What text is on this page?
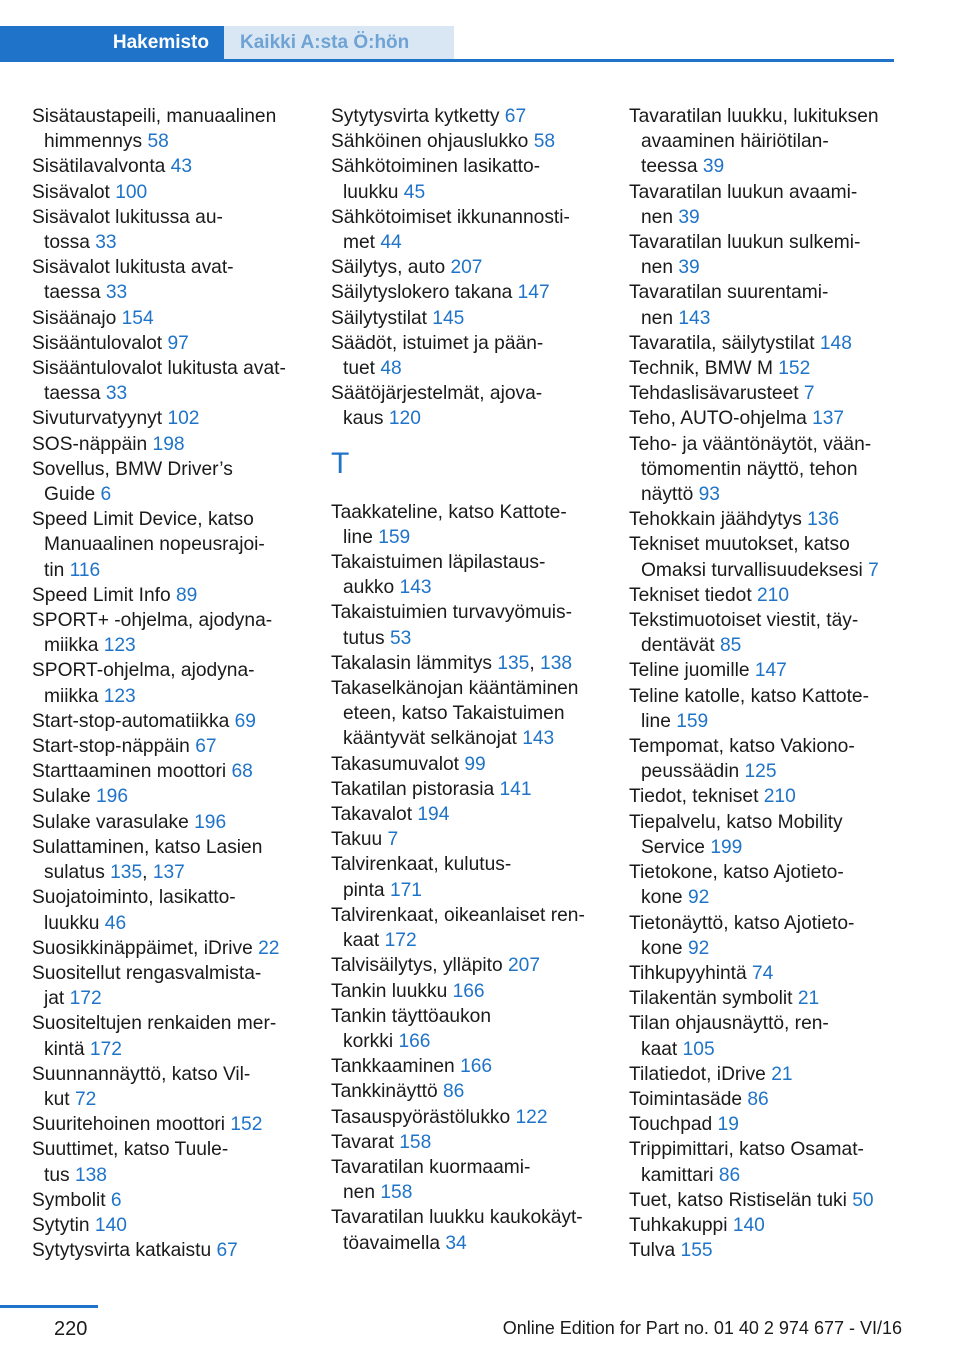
Hakemisto	Kaikki A:sta Ö:hön
Sisätaustapeili, manuaalinen
himmennys 58
Sisätilavalvonta 43
Sisävalot 100
Sisävalot lukitussa au-
tossa 33
Sisävalot lukitusta avat-
taessa 33
Sisäänajo 154
Sisääntulovalot 97
Sisääntulovalot lukitusta avat-
taessa 33
Sivuturvatyynyt 102
SOS-näppäin 198
Sovellus, BMW Driver’s
Guide 6
Speed Limit Device, katso
Manuaalinen nopeusrajoi-
tin 116
Speed Limit Info 89
SPORT+ -ohjelma, ajodyna-
miikka 123
SPORT-ohjelma, ajodyna-
miikka 123
Start-stop-automatiikka 69
Start-stop-näppäin 67
Starttaaminen moottori 68
Sulake 196
Sulake varasulake 196
Sulattaminen, katso Lasien
sulatus 135, 137
Suojatoiminto, lasikatto-
luukku 46
Suosikkinäppäimet, iDrive 22
Suositellut rengasvalmista-
jat 172
Suositeltujen renkaiden mer-
kintä 172
Suunnannäyttö, katso Vil-
kut 72
Suuritehoinen moottori 152
Suuttimet, katso Tuule-
tus 138
Symbolit 6
Sytytin 140
Sytytysvirta katkaistu 67
Sytytysvirta kytketty 67
Sähköinen ohjauslukko 58
Sähkötoiminen lasikatto-
luukku 45
Sähkötoimiset ikkunannosti-
met 44
Säilytys, auto 207
Säilytyslokero takana 147
Säilytystilat 145
Säädöt, istuimet ja pään-
tuet 48
Säätöjärjestelmät, ajova-
kaus 120
T
Taakkateline, katso Kattote-
line 159
Takaistuimen läpilastaus-
aukko 143
Takaistuimien turvavyömuis-
tutus 53
Takalasin lämmitys 135, 138
Takaselkänojan kääntäminen
eteen, katso Takaistuimen
kääntyvät selkänojat 143
Takasumuvalot 99
Takatilan pistorasia 141
Takavalot 194
Takuu 7
Talvirenkaat, kulutus-
pinta 171
Talvirenkaat, oikeanlaiset ren-
kaat 172
Talvisäilytys, ylläpito 207
Tankin luukku 166
Tankin täyttöaukon
korkki 166
Tankkaaminen 166
Tankkinäyttö 86
Tasauspyörästölukko 122
Tavarat 158
Tavaratilan kuormaami-
nen 158
Tavaratilan luukku kaukokäyt-
töavaimella 34
Tavaratilan luukku, lukituksen
avaaminen häiriötilan-
teessa 39
Tavaratilan luukun avaami-
nen 39
Tavaratilan luukun sulkemi-
nen 39
Tavaratilan suurentami-
nen 143
Tavaratila, säilytystilat 148
Technik, BMW M 152
Tehdaslisävarusteet 7
Teho, AUTO-ohjelma 137
Teho- ja vääntönäytöt, vään-
tömomentin näyttö, tehon
näyttö 93
Tehokkain jäähdytys 136
Tekniset muutokset, katso
Omaksi turvallisuudeksesi 7
Tekniset tiedot 210
Tekstimuotoiset viestit, täy-
dentävät 85
Teline juomille 147
Teline katolle, katso Kattote-
line 159
Tempomat, katso Vakiono-
peussäädin 125
Tiedot, tekniset 210
Tiepalvelu, katso Mobility
Service 199
Tietokone, katso Ajotieto-
kone 92
Tietonäyttö, katso Ajotieto-
kone 92
Tihkupyyhintä 74
Tilakentän symbolit 21
Tilan ohjausnäyttö, ren-
kaat 105
Tilatiedot, iDrive 21
Toimintasäde 86
Touchpad 19
Trippimittari, katso Osamat-
kamittari 86
Tuet, katso Ristiselän tuki 50
Tuhkakuppi 140
Tulva 155
220	Online Edition for Part no. 01 40 2 974 677 - VI/16
